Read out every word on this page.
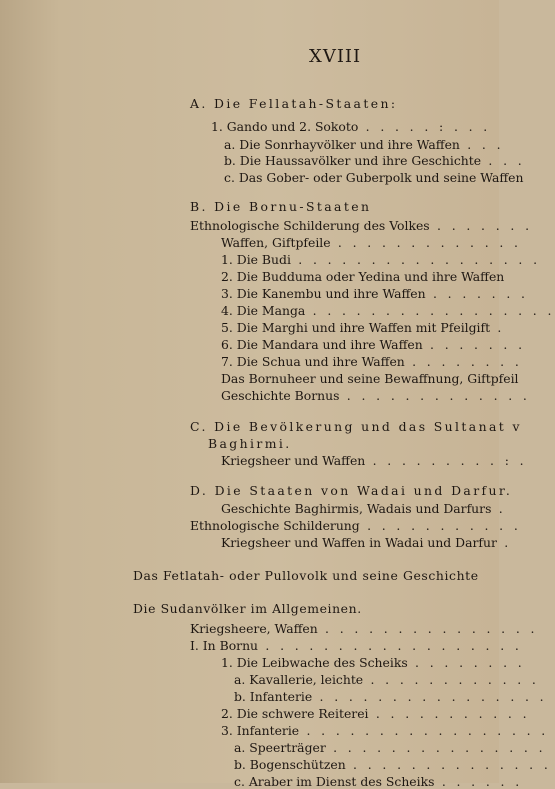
XVIII
A. Die Fellatah-Staaten:
1. Gando und 2. Sokoto . . . . . : . . .
a. Die Sonrhayvölker und ihre Waffen . . .
b. Die Haussavölker und ihre Geschichte . . .
c. Das Gober- oder Guberpolk und seine Waffen
B. Die Bornu-Staaten
Ethnologische Schilderung des Volkes . . . . . . .
Waffen, Giftpfeile . . . . . . . . . . . . .
1. Die Budi . . . . . . . . . . . . . . . . .
2. Die Budduma oder Yedina und ihre Waffen
3. Die Kanembu und ihre Waffen . . . . . . .
4. Die Manga . . . . . . . . . . . . . . . . .
5. Die Marghi und ihre Waffen mit Pfeilgift .
6. Die Mandara und ihre Waffen . . . . . . .
7. Die Schua und ihre Waffen . . . . . . . .
Das Bornuheer und seine Bewaffnung, Giftpfeil
Geschichte Bornus . . . . . . . . . . . . .
C. Die Bevölkerung und das Sultanat v
Baghirmi.
Kriegsheer und Waffen . . . . . . . . . : .
D. Die Staaten von Wadai und Darfur.
Geschichte Baghirmis, Wadais und Darfurs .
Ethnologische Schilderung . . . . . . . . . . .
Kriegsheer und Waffen in Wadai und Darfur .
Das Fetlatah- oder Pullovolk und seine Geschichte
Die Sudanvölker im Allgemeinen.
Kriegsheere, Waffen . . . . . . . . . . . . . . .
I. In Bornu . . . . . . . . . . . . . . . . . .
1. Die Leibwache des Scheiks . . . . . . . .
a. Kavallerie, leichte . . . . . . . . . . . .
b. Infanterie . . . . . . . . . . . . . . . .
2. Die schwere Reiterei . . . . . . . . . . .
3. Infanterie . . . . . . . . . . . . . . . . .
a. Speerträger . . . . . . . . . . . . . . .
b. Bogenschützen . . . . . . . . . . . . . .
c. Araber im Dienst des Scheiks . . . . . .
